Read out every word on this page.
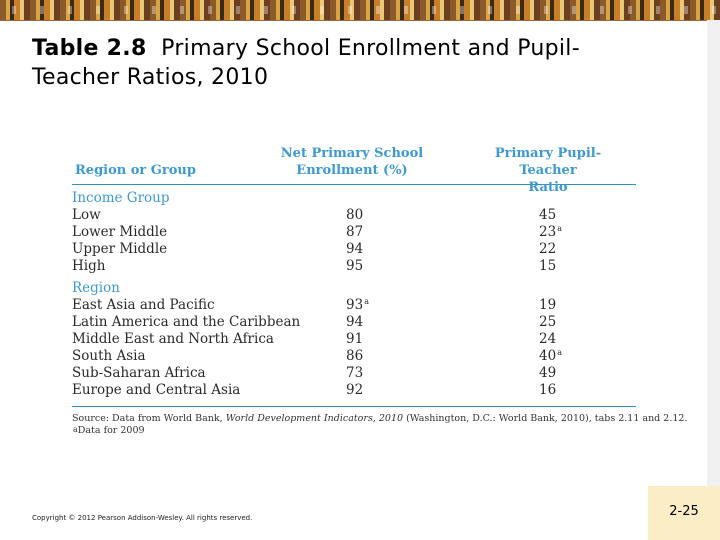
Table 2.8 Primary School Enrollment and Pupil-Teacher Ratios, 2010
Region or Group
Net Primary School
Enrollment (%)
Primary Pupil-Teacher
Ratio
Income Group
Low	80	45
Lower Middle	87	23$^a$
Upper Middle	94	22
High	95	15
Region
East Asia and Pacific	93$^a$	19
Latin America and the Caribbean	94	25
Middle East and North Africa	91	24
South Asia	86	40$^a$
Sub-Saharan Africa	73	49
Europe and Central Asia	92	16
Source: Data from World Bank, World Development Indicators, 2010 (Washington, D.C.: World Bank, 2010), tabs 2.11 and 2.12.
$^a$Data for 2009
Copyright © 2012 Pearson Addison-Wesley. All rights reserved.	2-25
